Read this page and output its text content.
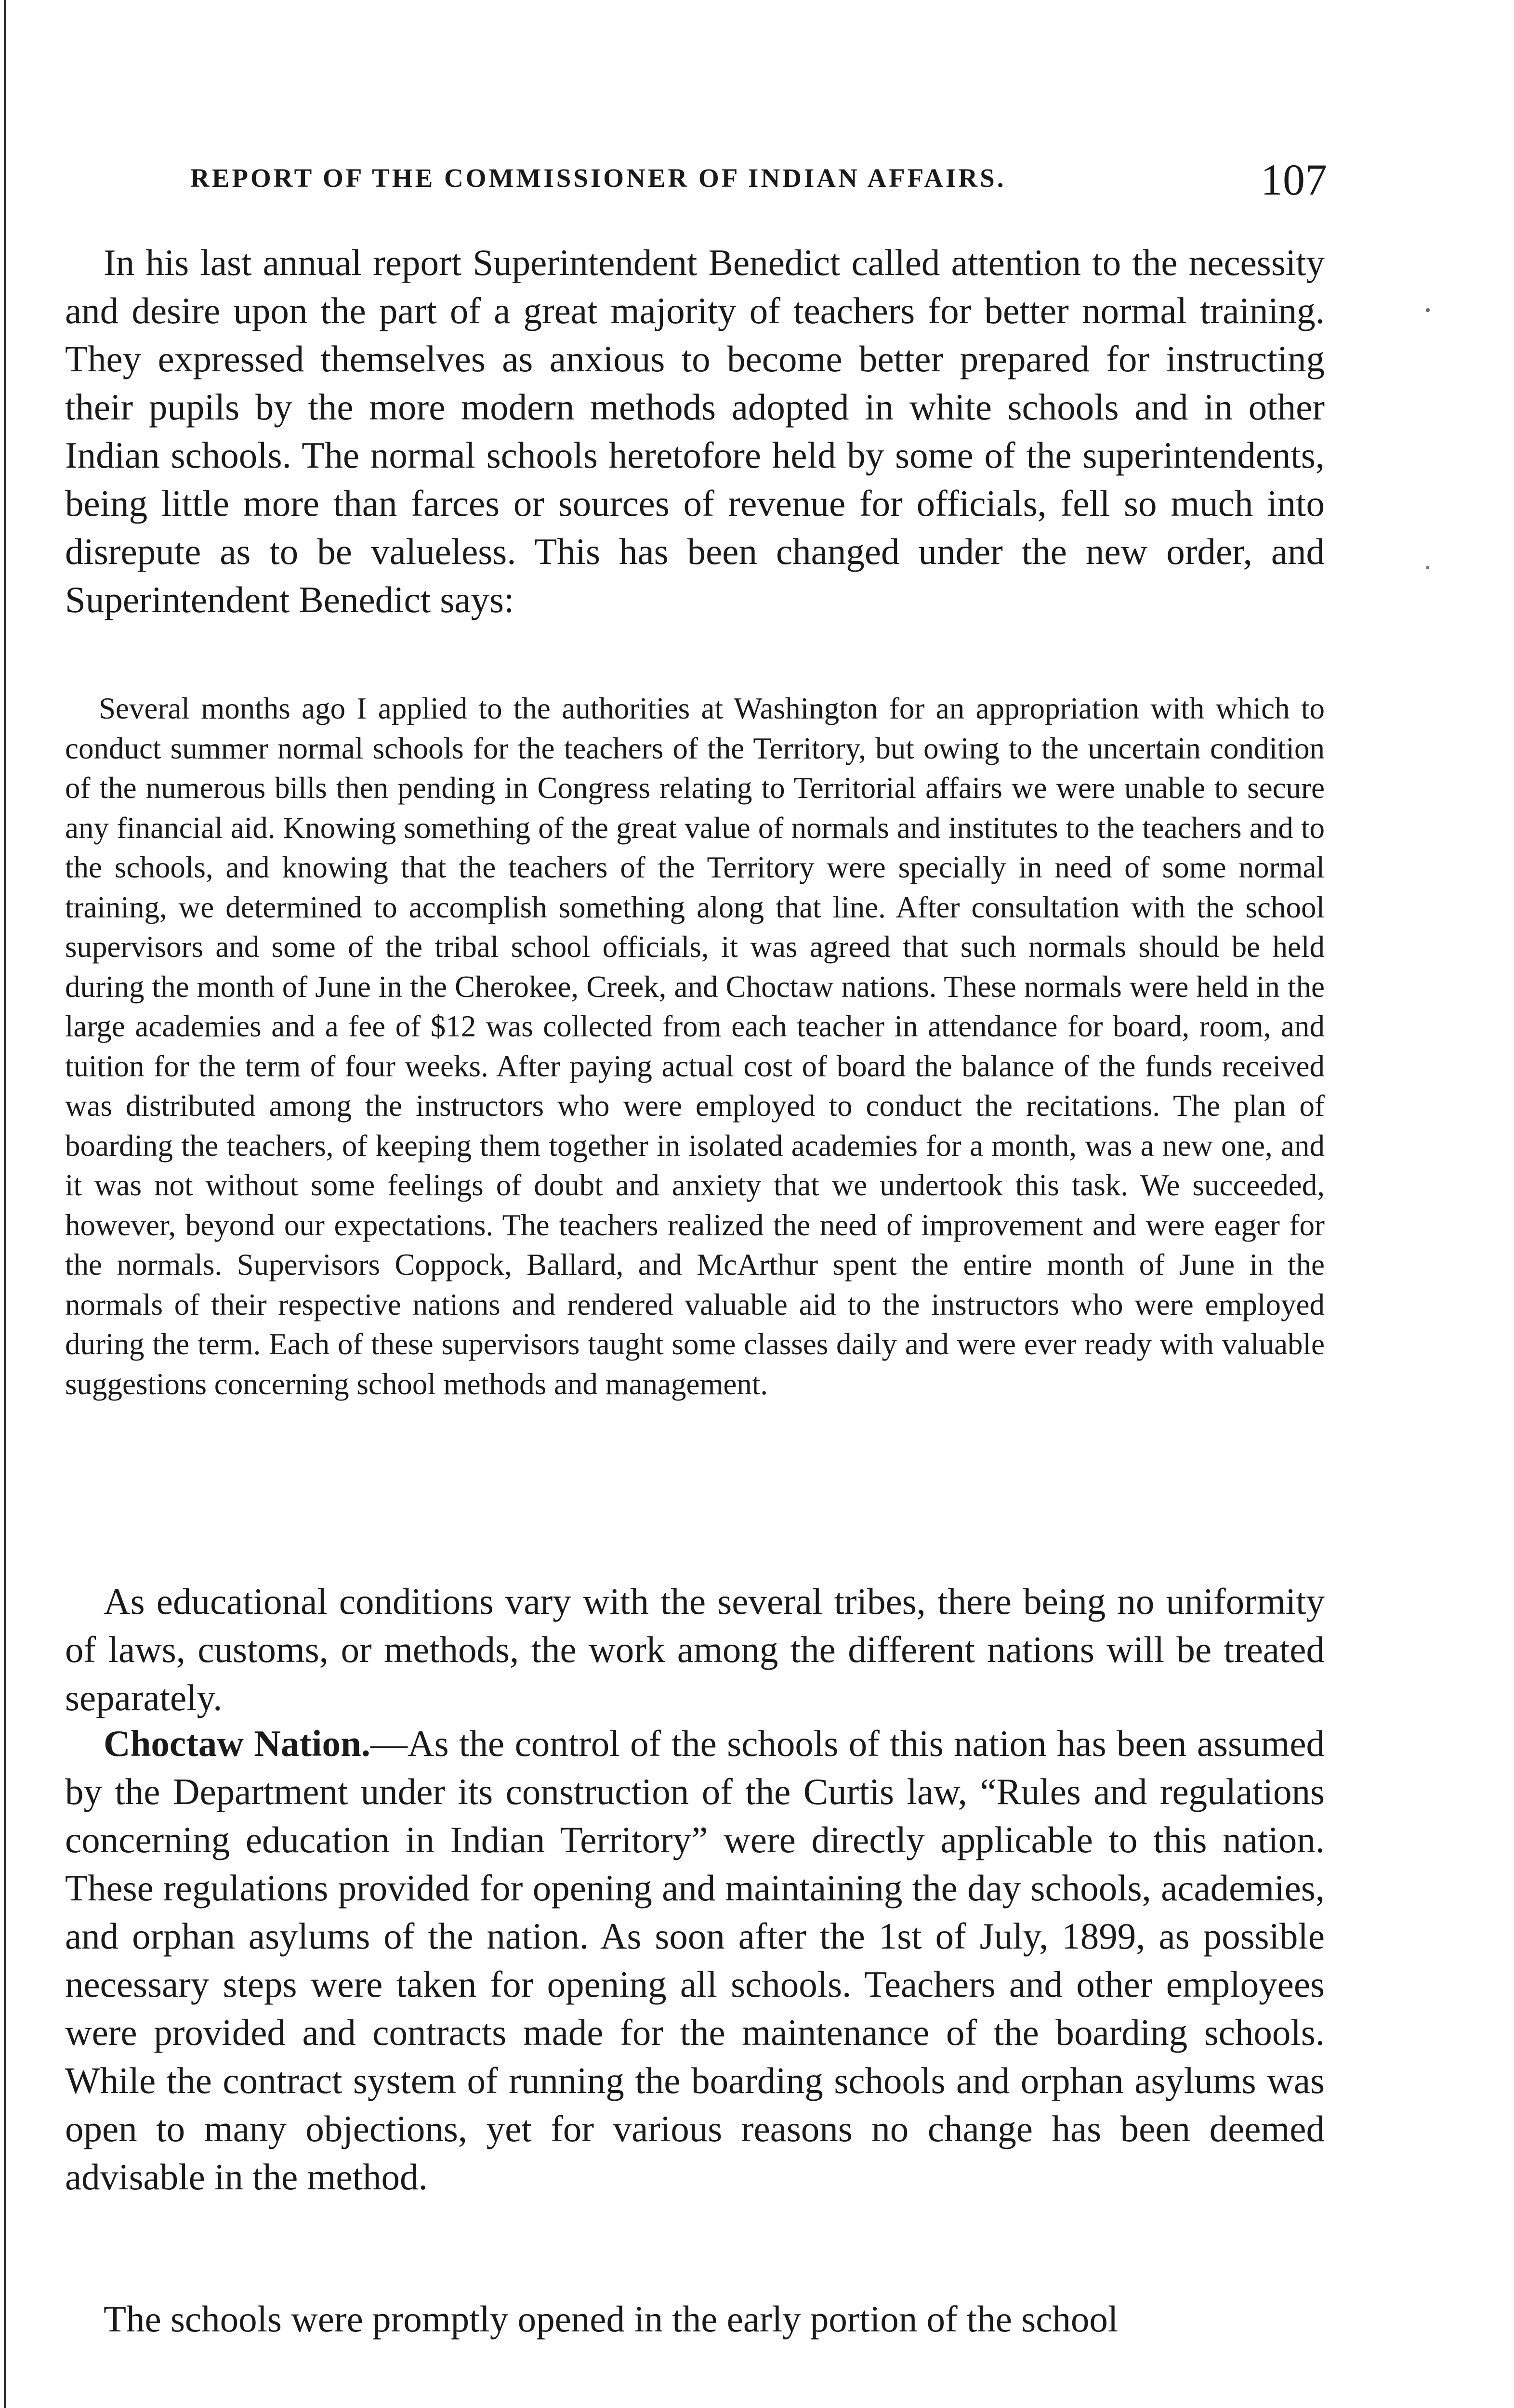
REPORT OF THE COMMISSIONER OF INDIAN AFFAIRS.	107

In his last annual report Superintendent Benedict called attention to the necessity and desire upon the part of a great majority of teachers for better normal training. They expressed themselves as anxious to become better prepared for instructing their pupils by the more modern methods adopted in white schools and in other Indian schools. The normal schools heretofore held by some of the superintendents, being little more than farces or sources of revenue for officials, fell so much into disrepute as to be valueless. This has been changed under the new order, and Superintendent Benedict says:

Several months ago I applied to the authorities at Washington for an appropriation with which to conduct summer normal schools for the teachers of the Territory, but owing to the uncertain condition of the numerous bills then pending in Congress relating to Territorial affairs we were unable to secure any financial aid. Knowing something of the great value of normals and institutes to the teachers and to the schools, and knowing that the teachers of the Territory were specially in need of some normal training, we determined to accomplish something along that line. After consultation with the school supervisors and some of the tribal school officials, it was agreed that such normals should be held during the month of June in the Cherokee, Creek, and Choctaw nations. These normals were held in the large academies and a fee of $12 was collected from each teacher in attendance for board, room, and tuition for the term of four weeks. After paying actual cost of board the balance of the funds received was distributed among the instructors who were employed to conduct the recitations. The plan of boarding the teachers, of keeping them together in isolated academies for a month, was a new one, and it was not without some feelings of doubt and anxiety that we undertook this task. We succeeded, however, beyond our expectations. The teachers realized the need of improvement and were eager for the normals. Supervisors Coppock, Ballard, and McArthur spent the entire month of June in the normals of their respective nations and rendered valuable aid to the instructors who were employed during the term. Each of these supervisors taught some classes daily and were ever ready with valuable suggestions concerning school methods and management.

As educational conditions vary with the several tribes, there being no uniformity of laws, customs, or methods, the work among the different nations will be treated separately.

Choctaw Nation.—As the control of the schools of this nation has been assumed by the Department under its construction of the Curtis law, “Rules and regulations concerning education in Indian Territory” were directly applicable to this nation. These regulations provided for opening and maintaining the day schools, academies, and orphan asylums of the nation. As soon after the 1st of July, 1899, as possible necessary steps were taken for opening all schools. Teachers and other employees were provided and contracts made for the maintenance of the boarding schools. While the contract system of running the boarding schools and orphan asylums was open to many objections, yet for various reasons no change has been deemed advisable in the method.

The schools were promptly opened in the early portion of the school
